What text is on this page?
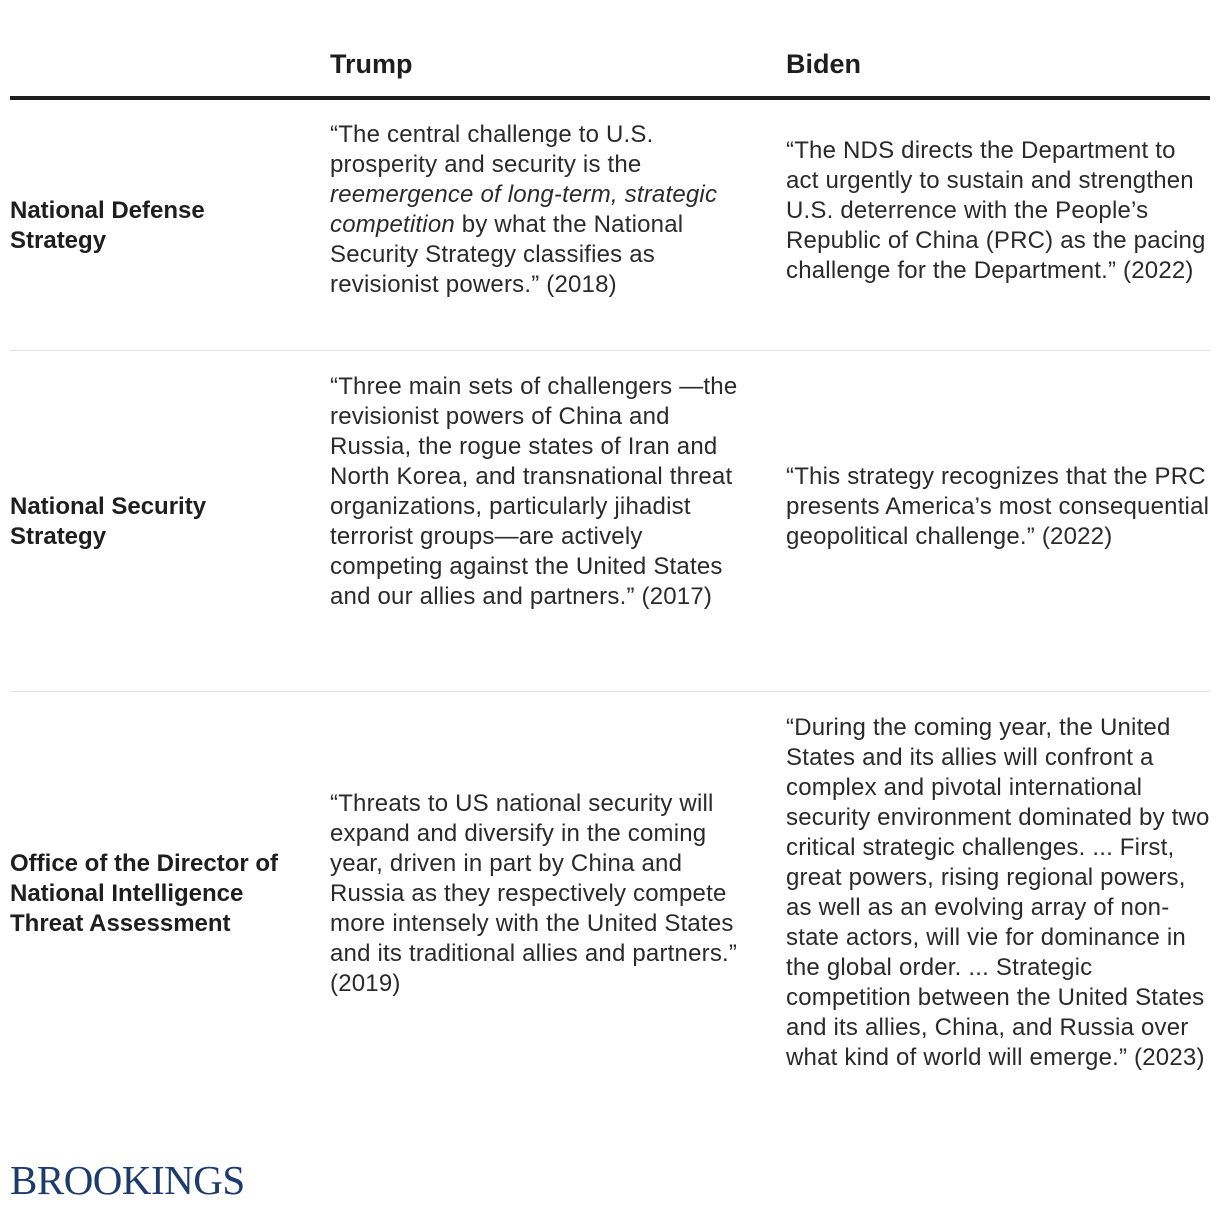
Trump	Biden
National Defense Strategy
“The central challenge to U.S. prosperity and security is the reemergence of long-term, strategic competition by what the National Security Strategy classifies as revisionist powers.” (2018)
“The NDS directs the Department to act urgently to sustain and strengthen U.S. deterrence with the People’s Republic of China (PRC) as the pacing challenge for the Department.” (2022)
National Security Strategy
“Three main sets of challengers —the revisionist powers of China and Russia, the rogue states of Iran and North Korea, and transnational threat organizations, particularly jihadist terrorist groups—are actively competing against the United States and our allies and partners.” (2017)
“This strategy recognizes that the PRC presents America’s most consequential geopolitical challenge.” (2022)
Office of the Director of National Intelligence Threat Assessment
“Threats to US national security will expand and diversify in the coming year, driven in part by China and Russia as they respectively compete more intensely with the United States and its traditional allies and partners.” (2019)
“During the coming year, the United States and its allies will confront a complex and pivotal international security environment dominated by two critical strategic challenges. ... First, great powers, rising regional powers, as well as an evolving array of non-state actors, will vie for dominance in the global order. ... Strategic competition between the United States and its allies, China, and Russia over what kind of world will emerge.” (2023)
BROOKINGS
